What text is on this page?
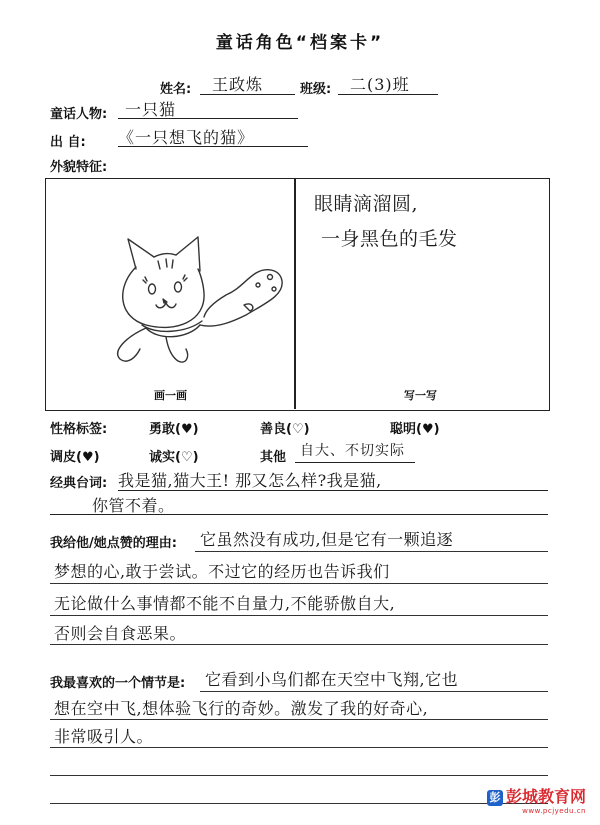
童话角色“档案卡”
姓名: 王政炼	班级: 二(3)班
童话人物: 一只猫
出 自: 《一只想飞的猫》
外貌特征:
画一画
眼睛滴溜圆,
一身黑色的毛发
写一写
性格标签:	勇敢(♥)	善良(♡)	聪明(♥)
调皮(♥)	诚实(♡)	其他 自大、不切实际
经典台词: 我是猫,猫大王! 那又怎么样?我是猫,
你管不着。
我给他/她点赞的理由: 它虽然没有成功,但是它有一颗追逐
梦想的心,敢于尝试。不过它的经历也告诉我们
无论做什么事情都不能不自量力,不能骄傲自大,
否则会自食恶果。
我最喜欢的一个情节是: 它看到小鸟们都在天空中飞翔,它也
想在空中飞,想体验飞行的奇妙。激发了我的好奇心,
非常吸引人。
彭 彭城教育网
www.pcjyedu.cn
